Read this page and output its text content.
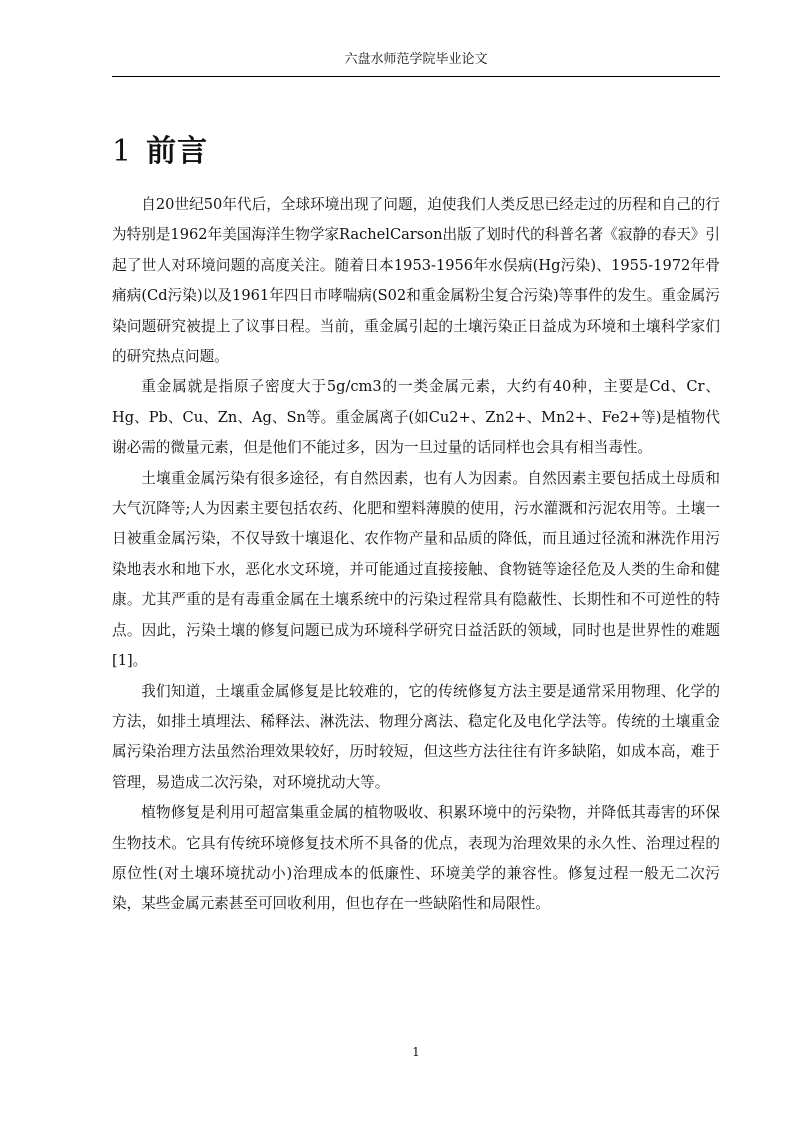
六盘水师范学院毕业论文
1 前言

自20世纪50年代后，全球环境出现了问题，迫使我们人类反思已经走过的历程和自己的行为特别是1962年美国海洋生物学家RachelCarson出版了划时代的科普名著《寂静的春天》引起了世人对环境问题的高度关注。随着日本1953-1956年水俣病(Hg污染)、1955-1972年骨痛病(Cd污染)以及1961年四日市哮喘病(S02和重金属粉尘复合污染)等事件的发生。重金属污染问题研究被提上了议事日程。当前，重金属引起的土壤污染正日益成为环境和土壤科学家们的研究热点问题。

重金属就是指原子密度大于5g/cm3的一类金属元素，大约有40种，主要是Cd、Cr、Hg、Pb、Cu、Zn、Ag、Sn等。重金属离子(如Cu2+、Zn2+、Mn2+、Fe2+等)是植物代谢必需的微量元素，但是他们不能过多，因为一旦过量的话同样也会具有相当毒性。

土壤重金属污染有很多途径，有自然因素，也有人为因素。自然因素主要包括成土母质和大气沉降等;人为因素主要包括农药、化肥和塑料薄膜的使用，污水灌溉和污泥农用等。土壤一日被重金属污染，不仅导致十壤退化、农作物产量和品质的降低，而且通过径流和淋洗作用污染地表水和地下水，恶化水文环境，并可能通过直接接触、食物链等途径危及人类的生命和健康。尤其严重的是有毒重金属在土壤系统中的污染过程常具有隐蔽性、长期性和不可逆性的特点。因此，污染土壤的修复问题已成为环境科学研究日益活跃的领域，同时也是世界性的难题[1]。

我们知道，土壤重金属修复是比较难的，它的传统修复方法主要是通常采用物理、化学的方法，如排土填埋法、稀释法、淋洗法、物理分离法、稳定化及电化学法等。传统的土壤重金属污染治理方法虽然治理效果较好，历时较短，但这些方法往往有许多缺陷，如成本高，难于管理，易造成二次污染，对环境扰动大等。

植物修复是利用可超富集重金属的植物吸收、积累环境中的污染物，并降低其毒害的环保生物技术。它具有传统环境修复技术所不具备的优点，表现为治理效果的永久性、治理过程的原位性(对土壤环境扰动小)治理成本的低廉性、环境美学的兼容性。修复过程一般无二次污染，某些金属元素甚至可回收利用，但也存在一些缺陷性和局限性。

1
